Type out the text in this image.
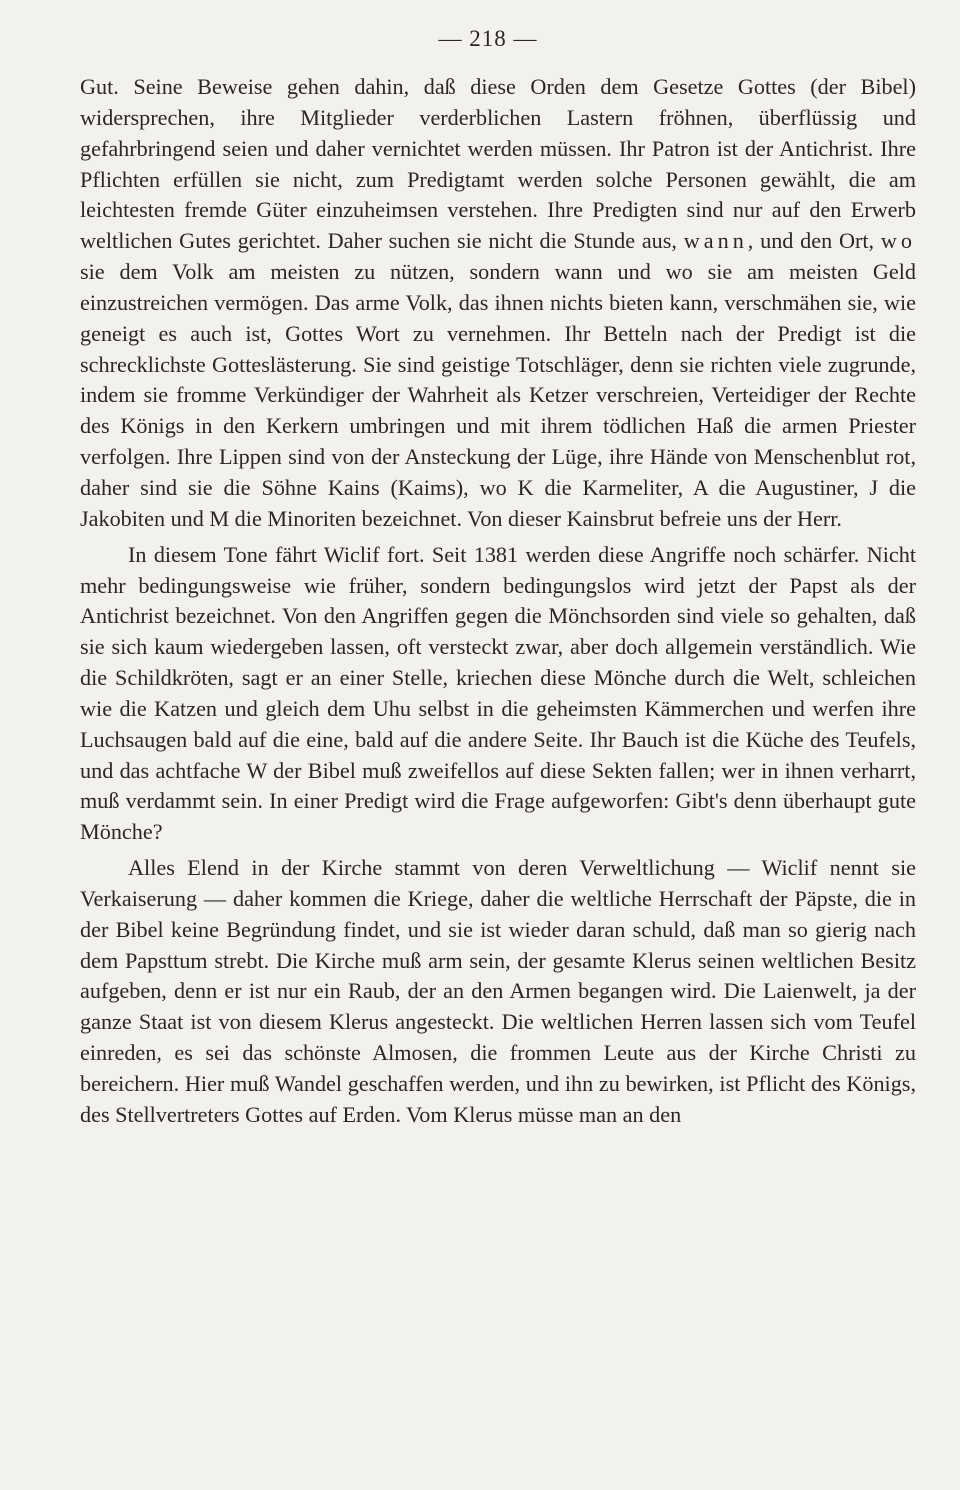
— 218 —

Gut. Seine Beweise gehen dahin, daß diese Orden dem Gesetze Gottes (der Bibel) widersprechen, ihre Mitglieder verderblichen Lastern fröhnen, überflüssig und gefahrbringend seien und daher vernichtet werden müssen. Ihr Patron ist der Antichrist. Ihre Pflichten erfüllen sie nicht, zum Predigtamt werden solche Personen gewählt, die am leichtesten fremde Güter einzuheimsen verstehen. Ihre Predigten sind nur auf den Erwerb weltlichen Gutes gerichtet. Daher suchen sie nicht die Stunde aus, wann, und den Ort, wo sie dem Volk am meisten zu nützen, sondern wann und wo sie am meisten Geld einzustreichen vermögen. Das arme Volk, das ihnen nichts bieten kann, verschmähen sie, wie geneigt es auch ist, Gottes Wort zu vernehmen. Ihr Betteln nach der Predigt ist die schrecklichste Gotteslästerung. Sie sind geistige Totschläger, denn sie richten viele zugrunde, indem sie fromme Verkündiger der Wahrheit als Ketzer verschreien, Verteidiger der Rechte des Königs in den Kerkern umbringen und mit ihrem tödlichen Haß die armen Priester verfolgen. Ihre Lippen sind von der Ansteckung der Lüge, ihre Hände von Menschenblut rot, daher sind sie die Söhne Kains (Kaims), wo K die Karmeliter, A die Augustiner, J die Jakobiten und M die Minoriten bezeichnet. Von dieser Kainsbrut befreie uns der Herr.

In diesem Tone fährt Wiclif fort. Seit 1381 werden diese Angriffe noch schärfer. Nicht mehr bedingungsweise wie früher, sondern bedingungslos wird jetzt der Papst als der Antichrist bezeichnet. Von den Angriffen gegen die Mönchsorden sind viele so gehalten, daß sie sich kaum wiedergeben lassen, oft versteckt zwar, aber doch allgemein verständlich. Wie die Schildkröten, sagt er an einer Stelle, kriechen diese Mönche durch die Welt, schleichen wie die Katzen und gleich dem Uhu selbst in die geheimsten Kämmerchen und werfen ihre Luchsaugen bald auf die eine, bald auf die andere Seite. Ihr Bauch ist die Küche des Teufels, und das achtfache W der Bibel muß zweifellos auf diese Sekten fallen; wer in ihnen verharrt, muß verdammt sein. In einer Predigt wird die Frage aufgeworfen: Gibt's denn überhaupt gute Mönche?

Alles Elend in der Kirche stammt von deren Verweltlichung — Wiclif nennt sie Verkaiserung — daher kommen die Kriege, daher die weltliche Herrschaft der Päpste, die in der Bibel keine Begründung findet, und sie ist wieder daran schuld, daß man so gierig nach dem Papsttum strebt. Die Kirche muß arm sein, der gesamte Klerus seinen weltlichen Besitz aufgeben, denn er ist nur ein Raub, der an den Armen begangen wird. Die Laienwelt, ja der ganze Staat ist von diesem Klerus angesteckt. Die weltlichen Herren lassen sich vom Teufel einreden, es sei das schönste Almosen, die frommen Leute aus der Kirche Christi zu bereichern. Hier muß Wandel geschaffen werden, und ihn zu bewirken, ist Pflicht des Königs, des Stellvertreters Gottes auf Erden. Vom Klerus müsse man an den
